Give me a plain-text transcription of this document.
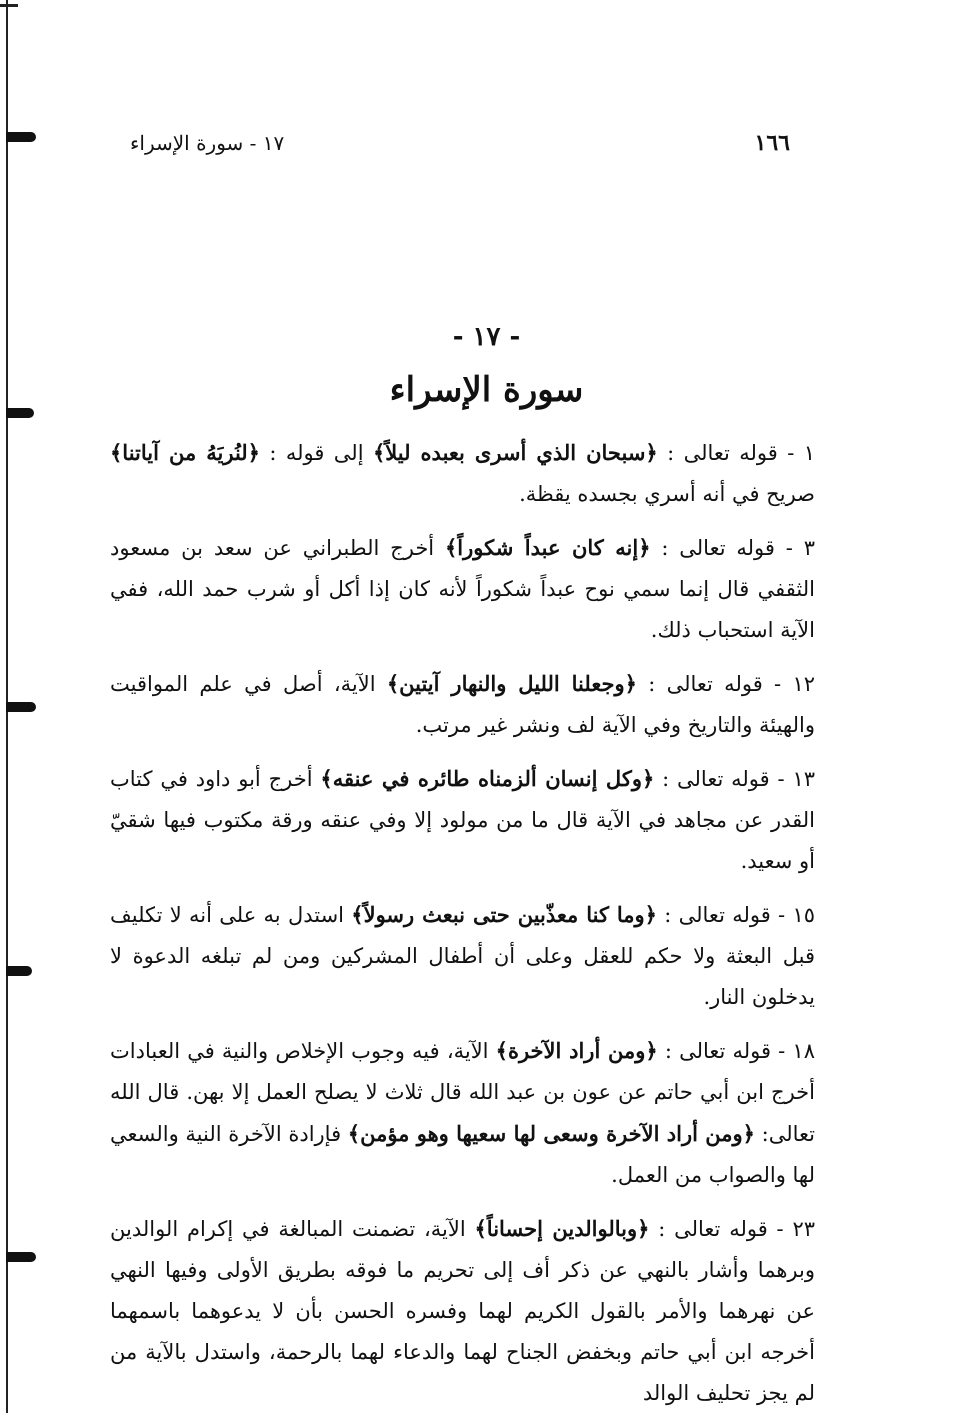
١٦٦
١٧ - سورة الإسراء
- ١٧ -
سورة الإسراء

١ - قوله تعالى : ﴿سبحان الذي أسرى بعبده ليلاً﴾ إلى قوله : ﴿لنُريَهُ من آياتنا﴾ صريح في أنه أسري بجسده يقظة.

٣ - قوله تعالى : ﴿إنه كان عبداً شكوراً﴾ أخرج الطبراني عن سعد بن مسعود الثقفي قال إنما سمي نوح عبداً شكوراً لأنه كان إذا أكل أو شرب حمد الله، ففي الآية استحباب ذلك.

١٢ - قوله تعالى : ﴿وجعلنا الليل والنهار آيتين﴾ الآية، أصل في علم المواقيت والهيئة والتاريخ وفي الآية لف ونشر غير مرتب.

١٣ - قوله تعالى : ﴿وكل إنسان ألزمناه طائره في عنقه﴾ أخرج أبو داود في كتاب القدر عن مجاهد في الآية قال ما من مولود إلا وفي عنقه ورقة مكتوب فيها شقيّ أو سعيد.

١٥ - قوله تعالى : ﴿وما كنا معذّبين حتى نبعث رسولاً﴾ استدل به على أنه لا تكليف قبل البعثة ولا حكم للعقل وعلى أن أطفال المشركين ومن لم تبلغه الدعوة لا يدخلون النار.

١٨ - قوله تعالى : ﴿ومن أراد الآخرة﴾ الآية، فيه وجوب الإخلاص والنية في العبادات أخرج ابن أبي حاتم عن عون بن عبد الله قال ثلاث لا يصلح العمل إلا بهن. قال الله تعالى: ﴿ومن أراد الآخرة وسعى لها سعيها وهو مؤمن﴾ فإرادة الآخرة النية والسعي لها والصواب من العمل.

٢٣ - قوله تعالى : ﴿وبالوالدين إحساناً﴾ الآية، تضمنت المبالغة في إكرام الوالدين وبرهما وأشار بالنهي عن ذكر أف إلى تحريم ما فوقه بطريق الأولى وفيها النهي عن نهرهما والأمر بالقول الكريم لهما وفسره الحسن بأن لا يدعوهما باسمهما أخرجه ابن أبي حاتم وبخفض الجناح لهما والدعاء لهما بالرحمة، واستدل بالآية من لم يجز تحليف الوالد
